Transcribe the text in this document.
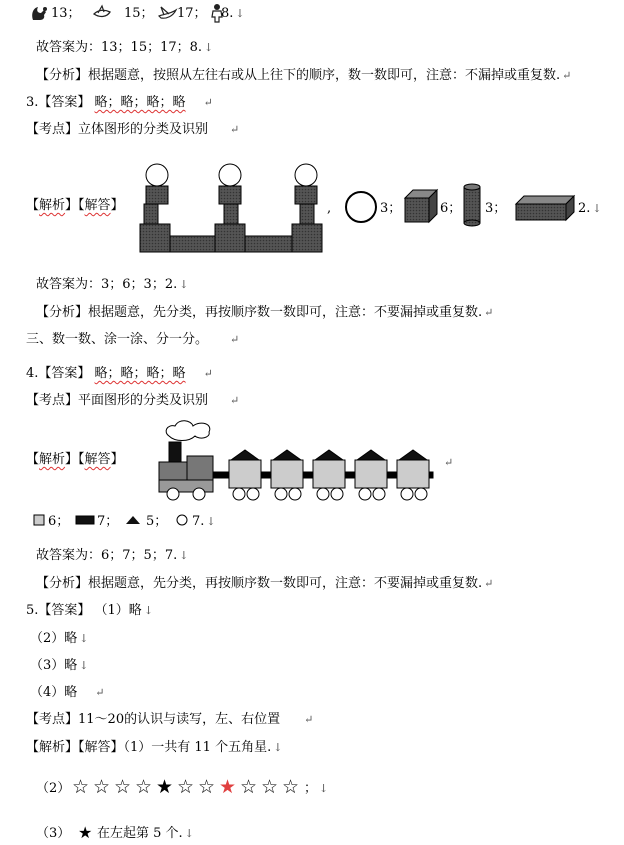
13；	15； 17； 8. ↓
故答案为：13；15；17；8. ↓
【分析】根据题意，按照从左往右或从上往下的顺序，数一数即可，注意：不漏掉或重复数. ↵
3.【答案】 略；略；略；略 ↵
【考点】立体图形的分类及识别 ↵
【解析】【解答】	,	3；	6； 3；	2. ↓
故答案为：3；6；3；2. ↓
【分析】根据题意，先分类，再按顺序数一数即可，注意：不要漏掉或重复数. ↵
三、数一数、涂一涂、分一分。 ↵
4.【答案】 略；略；略；略 ↵
【考点】平面图形的分类及识别 ↵
【解析】【解答】	↵
6； 7； 5； 7. ↓
故答案为：6；7；5；7. ↓
【分析】根据题意，先分类，再按顺序数一数即可，注意：不要漏掉或重复数. ↵
5.【答案】 （1）略 ↓
（2）略 ↓
（3）略 ↓
（4）略 ↵
【考点】11～20的认识与读写，左、右位置 ↵
【解析】【解答】（1）一共有 11 个五角星. ↓
（2） ☆ ☆ ☆ ☆ ★ ☆ ☆ ★ ☆ ☆ ☆ ； ↓
（3） ★ 在左起第 5 个. ↓
